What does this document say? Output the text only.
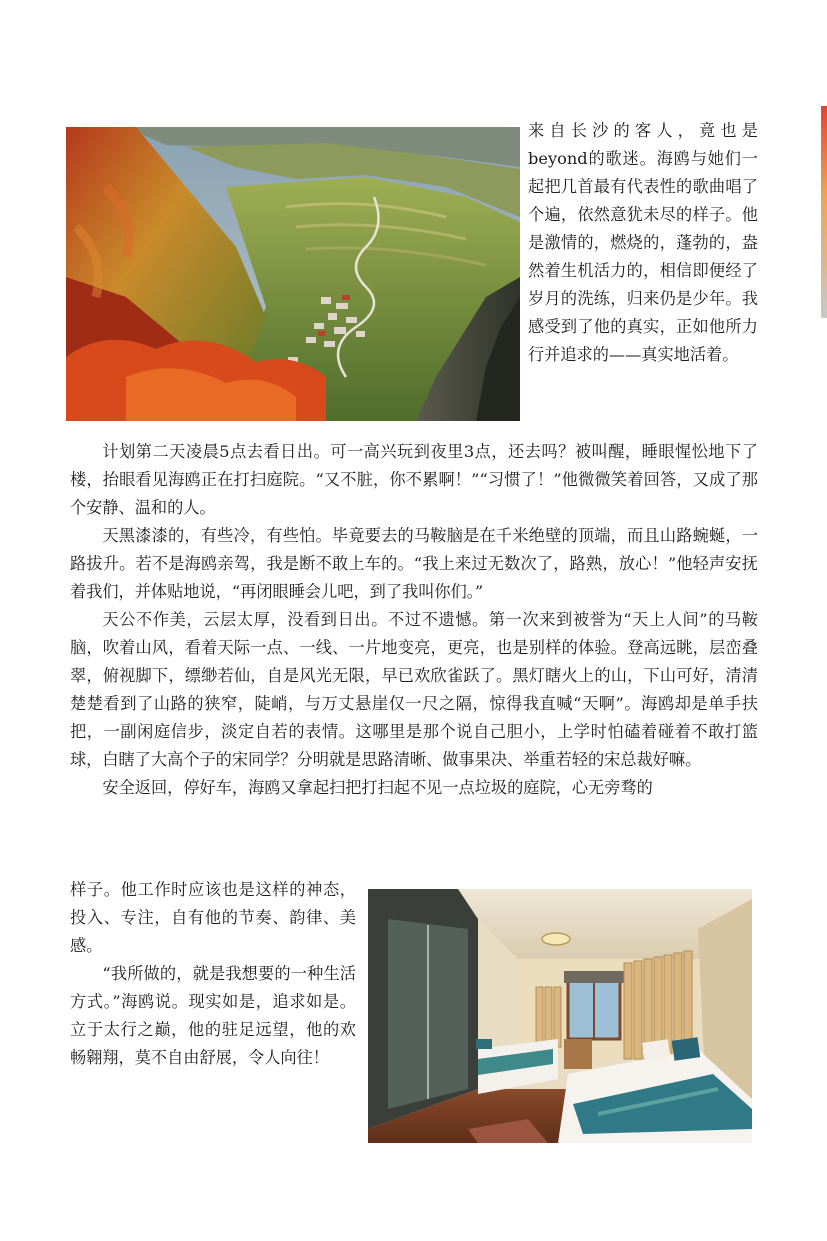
来自长沙的客人，竟也是beyond的歌迷。海鸥与她们一起把几首最有代表性的歌曲唱了个遍，依然意犹未尽的样子。他是激情的，燃烧的，蓬勃的，盎然着生机活力的，相信即便经了岁月的洗练，归来仍是少年。我感受到了他的真实，正如他所力行并追求的——真实地活着。

计划第二天凌晨5点去看日出。可一高兴玩到夜里3点，还去吗？被叫醒，睡眼惺忪地下了楼，抬眼看见海鸥正在打扫庭院。“又不脏，你不累啊！”“习惯了！”他微微笑着回答，又成了那个安静、温和的人。

天黑漆漆的，有些冷，有些怕。毕竟要去的马鞍脑是在千米绝壁的顶端，而且山路蜿蜒，一路拔升。若不是海鸥亲驾，我是断不敢上车的。“我上来过无数次了，路熟，放心！”他轻声安抚着我们，并体贴地说，“再闭眼睡会儿吧，到了我叫你们。”

天公不作美，云层太厚，没看到日出。不过不遗憾。第一次来到被誉为“天上人间”的马鞍脑，吹着山风，看着天际一点、一线、一片地变亮，更亮，也是别样的体验。登高远眺，层峦叠翠，俯视脚下，缥缈若仙，自是风光无限，早已欢欣雀跃了。黑灯瞎火上的山，下山可好，清清楚楚看到了山路的狭窄，陡峭，与万丈悬崖仅一尺之隔，惊得我直喊“天啊”。海鸥却是单手扶把，一副闲庭信步，淡定自若的表情。这哪里是那个说自己胆小，上学时怕磕着碰着不敢打篮球，白瞎了大高个子的宋同学？分明就是思路清晰、做事果决、举重若轻的宋总裁好嘛。

安全返回，停好车，海鸥又拿起扫把打扫起不见一点垃圾的庭院，心无旁骛的

样子。他工作时应该也是这样的神态，投入、专注，自有他的节奏、韵律、美感。

“我所做的，就是我想要的一种生活方式。”海鸥说。现实如是，追求如是。立于太行之巅，他的驻足远望，他的欢畅翱翔，莫不自由舒展，令人向往！
